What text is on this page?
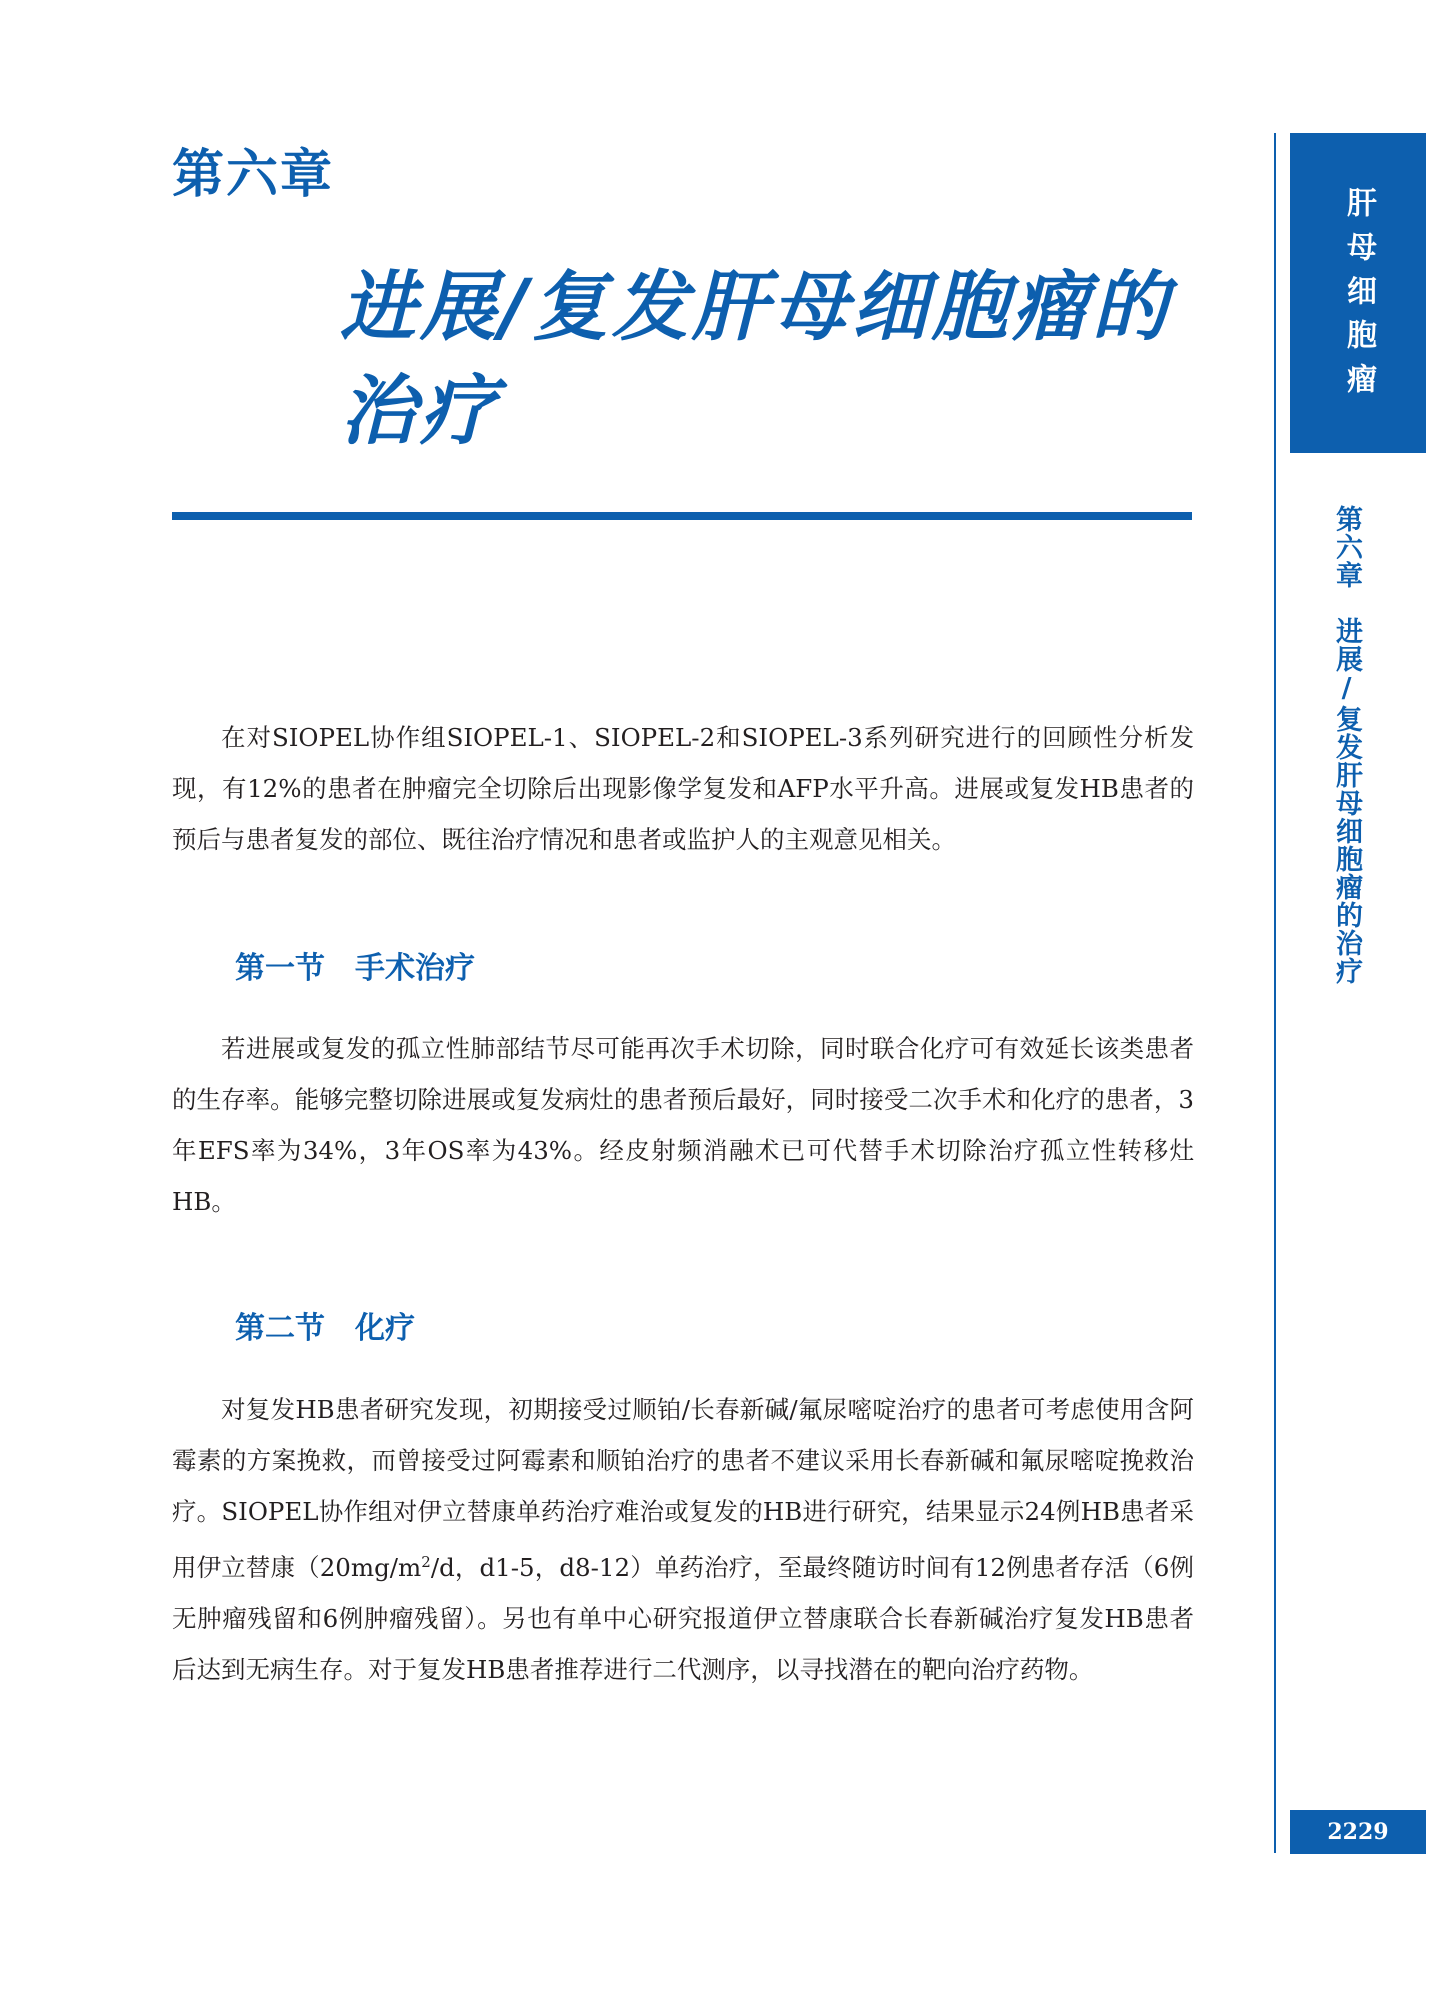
第六章
进展/复发肝母细胞瘤的治疗
肝母细胞瘤
第六章　进展/复发肝母细胞瘤的治疗
2229

在对SIOPEL协作组SIOPEL-1、SIOPEL-2和SIOPEL-3系列研究进行的回顾性分析发现，有12%的患者在肿瘤完全切除后出现影像学复发和AFP水平升高。进展或复发HB患者的预后与患者复发的部位、既往治疗情况和患者或监护人的主观意见相关。

第一节　手术治疗

若进展或复发的孤立性肺部结节尽可能再次手术切除，同时联合化疗可有效延长该类患者的生存率。能够完整切除进展或复发病灶的患者预后最好，同时接受二次手术和化疗的患者，3年EFS率为34%，3年OS率为43%。经皮射频消融术已可代替手术切除治疗孤立性转移灶HB。

第二节　化疗

对复发HB患者研究发现，初期接受过顺铂/长春新碱/氟尿嘧啶治疗的患者可考虑使用含阿霉素的方案挽救，而曾接受过阿霉素和顺铂治疗的患者不建议采用长春新碱和氟尿嘧啶挽救治疗。SIOPEL协作组对伊立替康单药治疗难治或复发的HB进行研究，结果显示24例HB患者采用伊立替康（$20mg/m^2/d$，d1-5，d8-12）单药治疗，至最终随访时间有12例患者存活（6例无肿瘤残留和6例肿瘤残留）。另也有单中心研究报道伊立替康联合长春新碱治疗复发HB患者后达到无病生存。对于复发HB患者推荐进行二代测序，以寻找潜在的靶向治疗药物。
